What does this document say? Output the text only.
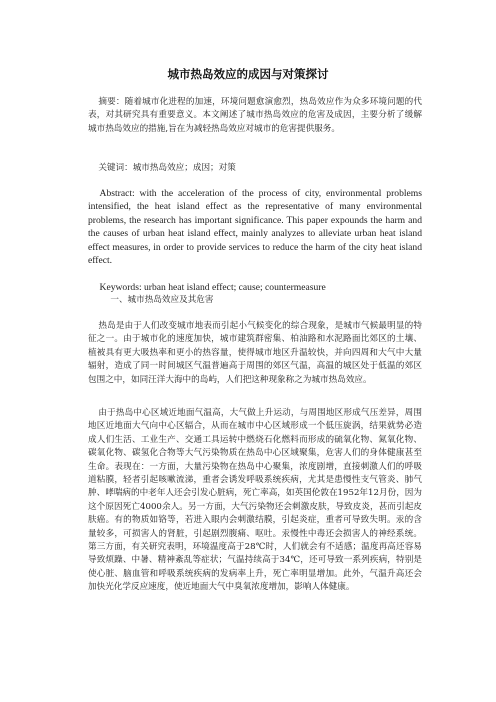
城市热岛效应的成因与对策探讨

摘要：随着城市化进程的加速，环境问题愈演愈烈，热岛效应作为众多环境问题的代表，对其研究具有重要意义。本文阐述了城市热岛效应的危害及成因，主要分析了缓解城市热岛效应的措施,旨在为减轻热岛效应对城市的危害提供服务。

关键词：城市热岛效应；成因；对策

Abstract: with the acceleration of the process of city, environmental problems intensified, the heat island effect as the representative of many environmental problems, the research has important significance. This paper expounds the harm and the causes of urban heat island effect, mainly analyzes to alleviate urban heat island effect measures, in order to provide services to reduce the harm of the city heat island effect.

Keywords: urban heat island effect; cause; countermeasure

一、城市热岛效应及其危害

热岛是由于人们改变城市地表而引起小气候变化的综合现象，是城市气候最明显的特征之一。由于城市化的速度加快，城市建筑群密集、柏油路和水泥路面比郊区的土壤、植被具有更大吸热率和更小的热容量，使得城市地区升温较快，并向四周和大气中大量辐射，造成了同一时间城区气温普遍高于周围的郊区气温，高温的城区处于低温的郊区包围之中，如同汪洋大海中的岛屿，人们把这种现象称之为城市热岛效应。

由于热岛中心区域近地面气温高，大气做上升运动，与周围地区形成气压差异，周围地区近地面大气向中心区辐合，从而在城市中心区域形成一个低压旋涡，结果就势必造成人们生活、工业生产、交通工具运转中燃烧石化燃料而形成的硫氧化物、氮氧化物、碳氧化物、碳氢化合物等大气污染物质在热岛中心区域聚集，危害人们的身体健康甚至生命。表现在：一方面，大量污染物在热岛中心聚集，浓度剧增，直接刺激人们的呼吸道粘膜，轻者引起咳嗽流涕，重者会诱发呼吸系统疾病，尤其是患慢性支气管炎、肺气肿、哮喘病的中老年人还会引发心脏病，死亡率高，如英国伦敦在1952年12月份，因为这个原因死亡4000余人。另一方面，大气污染物还会刺激皮肤，导致皮炎，甚而引起皮肤癌。有的物质如铬等，若进入眼内会刺激结膜，引起炎症，重者可导致失明。汞的含量较多，可损害人的肾脏，引起剧烈腹痛、呕吐。汞慢性中毒还会损害人的神经系统。第三方面，有关研究表明，环境温度高于28℃时，人们就会有不适感；温度再高还容易导致烦躁、中暑、精神紊乱等症状；气温持续高于34℃，还可导致一系列疾病，特别是使心脏、脑血管和呼吸系统疾病的发病率上升，死亡率明显增加。此外，气温升高还会加快光化学反应速度，使近地面大气中臭氧浓度增加，影响人体健康。
